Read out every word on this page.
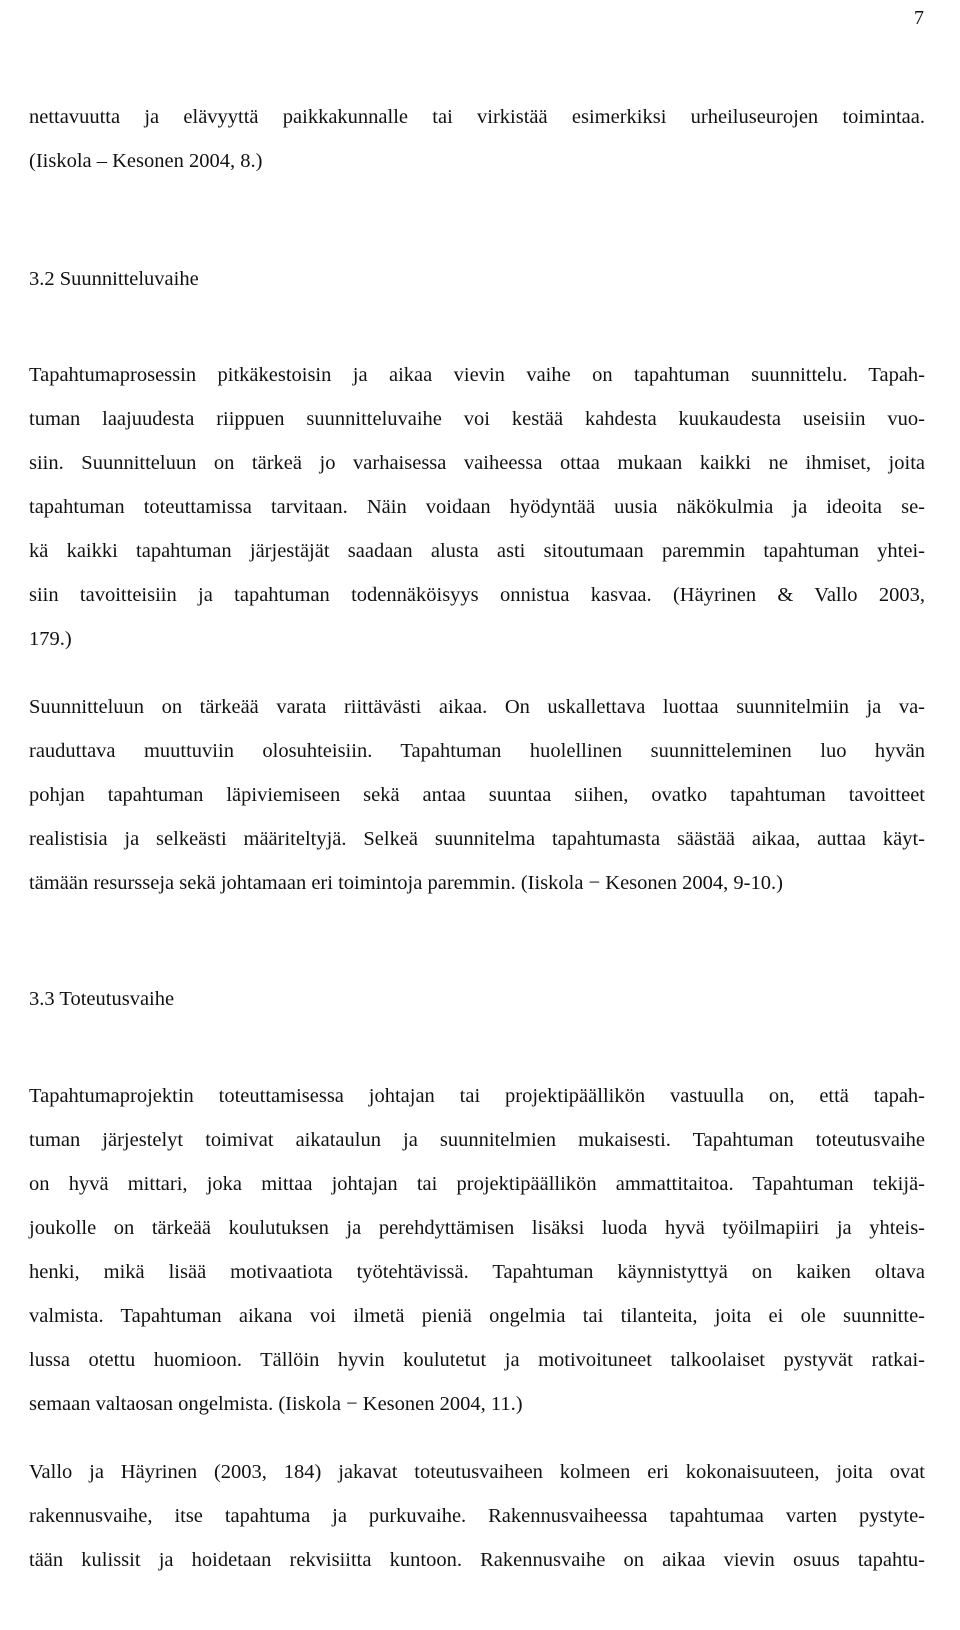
7
nettavuutta ja elävyyttä paikkakunnalle tai virkistää esimerkiksi urheiluseurojen toimintaa.
(Iiskola – Kesonen 2004, 8.)
3.2 Suunnitteluvaihe
Tapahtumaprosessin pitkäkestoisin ja aikaa vievin vaihe on tapahtuman suunnittelu. Tapah-
tuman laajuudesta riippuen suunnitteluvaihe voi kestää kahdesta kuukaudesta useisiin vuo-
siin. Suunnitteluun on tärkeä jo varhaisessa vaiheessa ottaa mukaan kaikki ne ihmiset, joita
tapahtuman toteuttamissa tarvitaan. Näin voidaan hyödyntää uusia näkökulmia ja ideoita se-
kä kaikki tapahtuman järjestäjät saadaan alusta asti sitoutumaan paremmin tapahtuman yhtei-
siin tavoitteisiin ja tapahtuman todennäköisyys onnistua kasvaa. (Häyrinen & Vallo 2003,
179.)
Suunnitteluun on tärkeää varata riittävästi aikaa. On uskallettava luottaa suunnitelmiin ja va-
rauduttava muuttuviin olosuhteisiin. Tapahtuman huolellinen suunnitteleminen luo hyvän
pohjan tapahtuman läpiviemiseen sekä antaa suuntaa siihen, ovatko tapahtuman tavoitteet
realistisia ja selkeästi määriteltyjä. Selkeä suunnitelma tapahtumasta säästää aikaa, auttaa käyt-
tämään resursseja sekä johtamaan eri toimintoja paremmin. (Iiskola − Kesonen 2004, 9-10.)
3.3 Toteutusvaihe
Tapahtumaprojektin toteuttamisessa johtajan tai projektipäällikön vastuulla on, että tapah-
tuman järjestelyt toimivat aikataulun ja suunnitelmien mukaisesti. Tapahtuman toteutusvaihe
on hyvä mittari, joka mittaa johtajan tai projektipäällikön ammattitaitoa. Tapahtuman tekijä-
joukolle on tärkeää koulutuksen ja perehdyttämisen lisäksi luoda hyvä työilmapiiri ja yhteis-
henki, mikä lisää motivaatiota työtehtävissä. Tapahtuman käynnistyttyä on kaiken oltava
valmista. Tapahtuman aikana voi ilmetä pieniä ongelmia tai tilanteita, joita ei ole suunnitte-
lussa otettu huomioon. Tällöin hyvin koulutetut ja motivoituneet talkoolaiset pystyvät ratkai-
semaan valtaosan ongelmista. (Iiskola − Kesonen 2004, 11.)
Vallo ja Häyrinen (2003, 184) jakavat toteutusvaiheen kolmeen eri kokonaisuuteen, joita ovat
rakennusvaihe, itse tapahtuma ja purkuvaihe. Rakennusvaiheessa tapahtumaa varten pystyte-
tään kulissit ja hoidetaan rekvisiitta kuntoon. Rakennusvaihe on aikaa vievin osuus tapahtu-
